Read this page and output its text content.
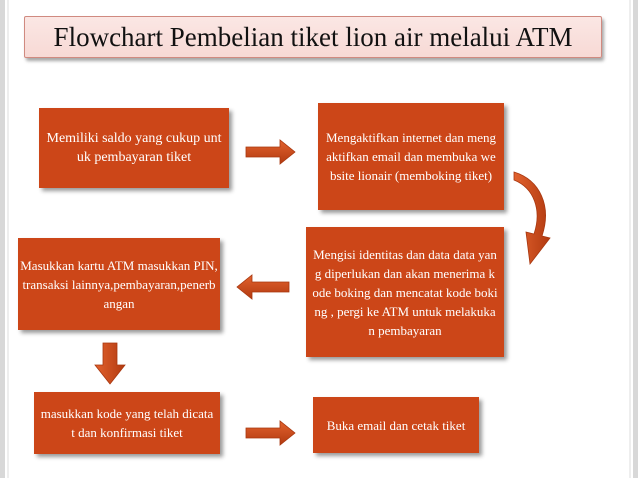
Flowchart Pembelian tiket lion air melalui ATM
Memiliki saldo yang cukup untuk pembayaran tiket
Mengaktifkan internet dan mengaktifkan email dan membuka website lionair (memboking tiket)
Mengisi identitas dan data data yang diperlukan dan akan menerima kode boking dan mencatat kode boking , pergi ke ATM untuk melakukan pembayaran
Masukkan kartu ATM masukkan PIN,transaksi lainnya,pembayaran,penerbangan
masukkan kode yang telah dicatat dan konfirmasi tiket	Buka email dan cetak tiket
